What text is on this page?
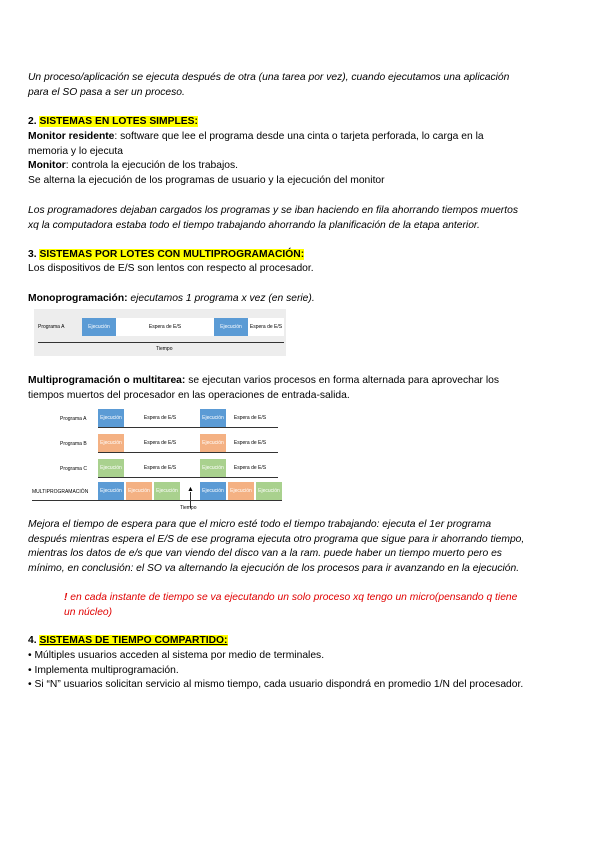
Un proceso/aplicación se ejecuta después de otra (una tarea por vez), cuando ejecutamos una aplicación
para el SO pasa a ser un proceso.
2. SISTEMAS EN LOTES SIMPLES:
Monitor residente: software que lee el programa desde una cinta o tarjeta perforada, lo carga en la
memoria y lo ejecuta
Monitor: controla la ejecución de los trabajos.
Se alterna la ejecución de los programas de usuario y la ejecución del monitor
Los programadores dejaban cargados los programas y se iban haciendo en fila ahorrando tiempos muertos
xq la computadora estaba todo el tiempo trabajando ahorrando la planificación de la etapa anterior.
3. SISTEMAS POR LOTES CON MULTIPROGRAMACIÓN:
Los dispositivos de E/S son lentos con respecto al procesador.
Monoprogramación: ejecutamos 1 programa x vez (en serie).
Programa A	Ejecución	Espera de E/S	Ejecución	Espera de E/S
Tiempo
Multiprogramación o multitarea: se ejecutan varios procesos en forma alternada para aprovechar los
tiempos muertos del procesador en las operaciones de entrada-salida.
Programa A	Ejecución	Espera de E/S	Ejecución	Espera de E/S
Programa B	Ejecución	Espera de E/S	Ejecución	Espera de E/S
Programa C	Ejecución	Espera de E/S	Ejecución	Espera de E/S
MULTIPROGRAMACIÓN	Ejecución	Ejecución	Ejecución	Ejecución	Ejecución	Ejecución
▲
Tiempo
Mejora el tiempo de espera para que el micro esté todo el tiempo trabajando: ejecuta el 1er programa
después mientras espera el E/S de ese programa ejecuta otro programa que sigue para ir ahorrando tiempo,
mientras los datos de e/s que van viendo del disco van a la ram. puede haber un tiempo muerto pero es
mínimo, en conclusión: el SO va alternando la ejecución de los procesos para ir avanzando en la ejecución.
! en cada instante de tiempo se va ejecutando un solo proceso xq tengo un micro(pensando q tiene
un núcleo)
4. SISTEMAS DE TIEMPO COMPARTIDO:
• Múltiples usuarios acceden al sistema por medio de terminales.
• Implementa multiprogramación.
• Si “N” usuarios solicitan servicio al mismo tiempo, cada usuario dispondrá en promedio 1/N del procesador.
